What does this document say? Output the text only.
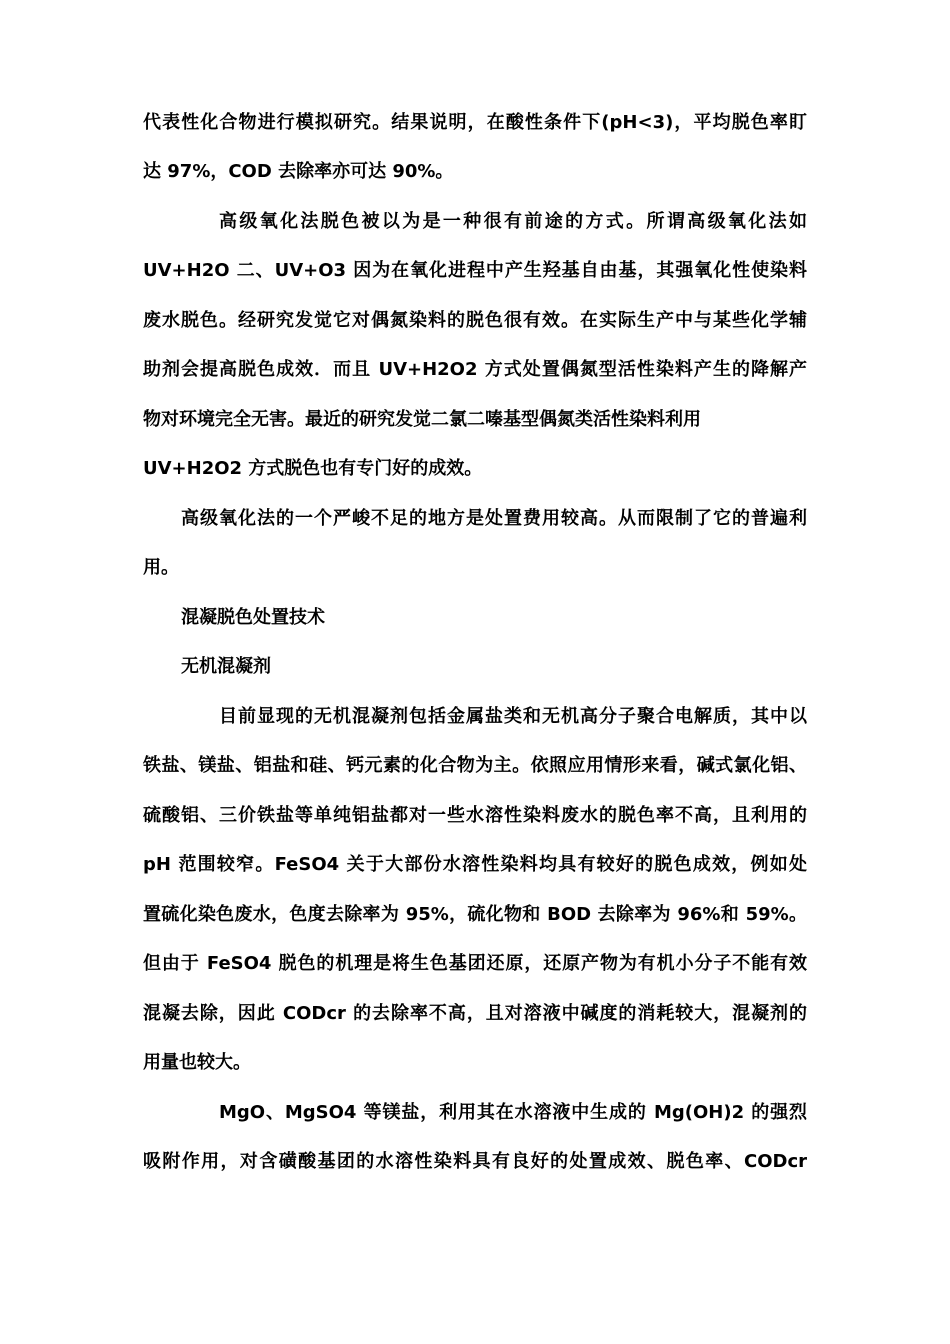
代表性化合物进行模拟研究。结果说明，在酸性条件下(pH<3)，平均脱色率盯
达 97%，COD 去除率亦可达 90%。
高级氧化法脱色被以为是一种很有前途的方式。所谓高级氧化法如
UV+H2O 二、UV+O3 因为在氧化进程中产生羟基自由基，其强氧化性使染料
废水脱色。经研究发觉它对偶氮染料的脱色很有效。在实际生产中与某些化学辅
助剂会提高脱色成效．而且 UV+H2O2 方式处置偶氮型活性染料产生的降解产
物对环境完全无害。最近的研究发觉二氯二嗪基型偶氮类活性染料利用
UV+H2O2 方式脱色也有专门好的成效。
高级氧化法的一个严峻不足的地方是处置费用较高。从而限制了它的普遍利
用。
混凝脱色处置技术
无机混凝剂
目前显现的无机混凝剂包括金属盐类和无机高分子聚合电解质，其中以
铁盐、镁盐、铝盐和硅、钙元素的化合物为主。依照应用情形来看，碱式氯化铝、
硫酸铝、三价铁盐等单纯铝盐都对一些水溶性染料废水的脱色率不高，且利用的
pH 范围较窄。FeSO4 关于大部份水溶性染料均具有较好的脱色成效，例如处
置硫化染色废水，色度去除率为 95%，硫化物和 BOD 去除率为 96%和 59%。
但由于 FeSO4 脱色的机理是将生色基团还原，还原产物为有机小分子不能有效
混凝去除，因此 CODcr 的去除率不高，且对溶液中碱度的消耗较大，混凝剂的
用量也较大。
MgO、MgSO4 等镁盐，利用其在水溶液中生成的 Mg(OH)2 的强烈
吸附作用，对含磺酸基团的水溶性染料具有良好的处置成效、脱色率、CODcr
